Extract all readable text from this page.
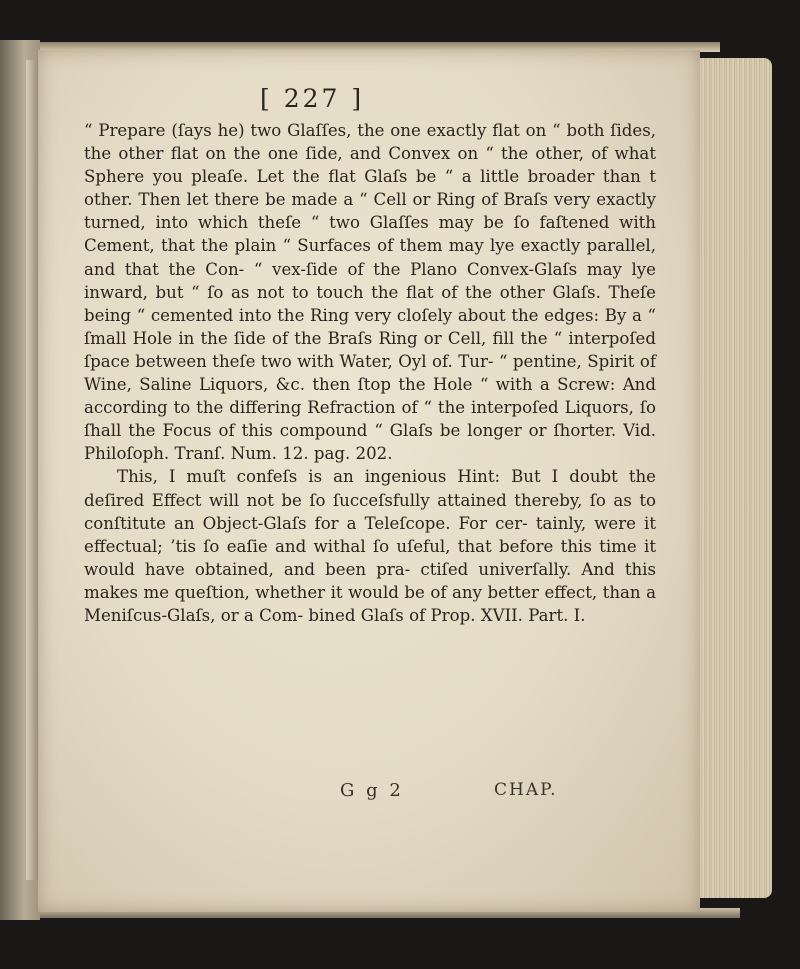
[ 227 ]

“ Prepare (ſays he) two Glaſſes, the one exactly flat on “ both ſides, the other flat on the one ſide, and Convex on “ the other, of what Sphere you pleaſe. Let the flat Glaſs be “ a little broader than t other. Then let there be made a “ Cell or Ring of Braſs very exactly turned, into which theſe “ two Glaſſes may be ſo faſtened with Cement, that the plain “ Surfaces of them may lye exactly parallel, and that the Con- “ vex-ſide of the Plano Convex-Glaſs may lye inward, but “ ſo as not to touch the flat of the other Glaſs. Theſe being “ cemented into the Ring very cloſely about the edges: By a “ ſmall Hole in the ſide of the Braſs Ring or Cell, fill the “ interpoſed ſpace between theſe two with Water, Oyl of. Tur- “ pentine, Spirit of Wine, Saline Liquors, &c. then ſtop the Hole “ with a Screw: And according to the differing Refraction of “ the interpoſed Liquors, ſo ſhall the Focus of this compound “ Glaſs be longer or ſhorter. Vid. Philoſoph. Tranſ. Num. 12. pag. 202.

This, I muſt confeſs is an ingenious Hint: But I doubt the deſired Effect will not be ſo ſucceſsfully attained thereby, ſo as to conſtitute an Object-Glaſs for a Teleſcope. For cer- tainly, were it effectual; ’tis ſo eaſie and withal ſo uſeful, that before this time it would have obtained, and been pra- ctiſed univerſally. And this makes me queſtion, whether it would be of any better effect, than a Meniſcus-Glaſs, or a Com- bined Glaſs of Prop. XVII. Part. I.

G g 2	CHAP.
